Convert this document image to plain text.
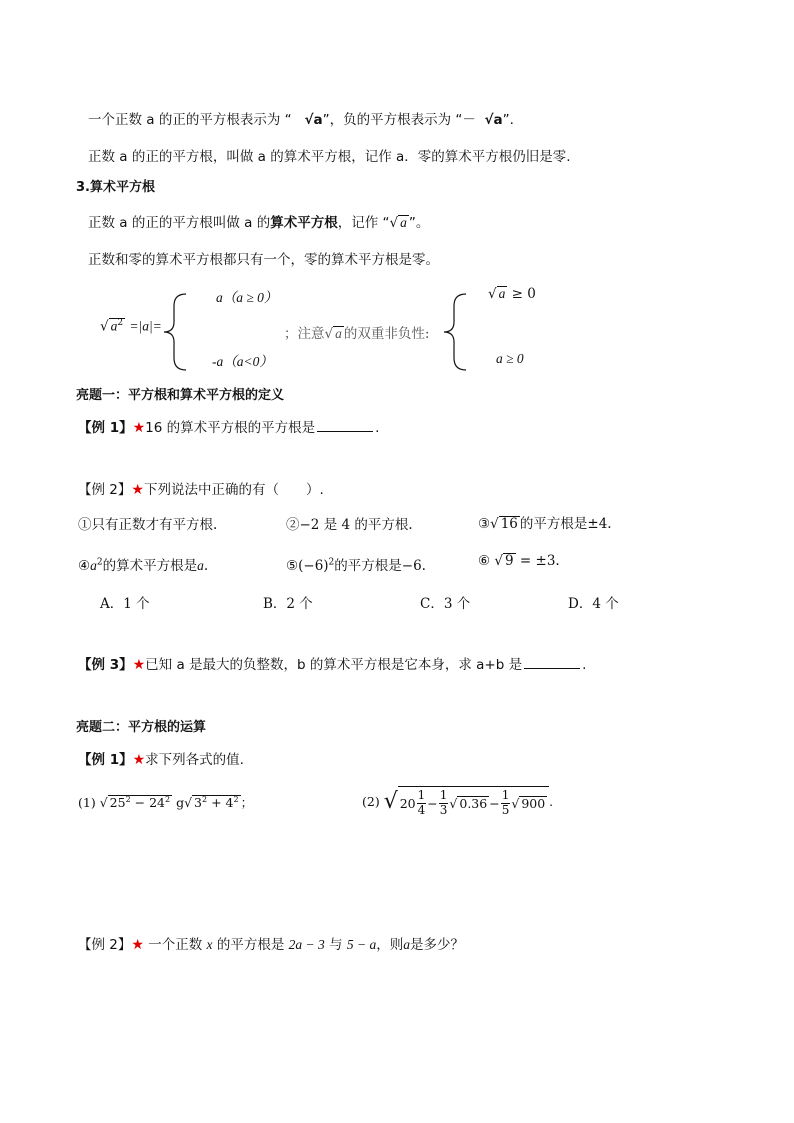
一个正数 a 的正的平方根表示为 “ √a”，负的平方根表示为 “－ √a”.
正数 a 的正的平方根，叫做 a 的算术平方根，记作 a．零的算术平方根仍旧是零.
3.算术平方根
正数 a 的正的平方根叫做 a 的算术平方根，记作 “√ a ”。
正数和零的算术平方根都只有一个，零的算术平方根是零。
√ $a^2 =|a|=$
a（a ≥ 0）
-a（a<0）
；注意√ a 的双重非负性:
√ a ≥ 0
a ≥ 0
亮题一：平方根和算术平方根的定义
【例 1】★16 的算术平方根的平方根是	.
【例 2】★下列说法中正确的有（　　）.
①只有正数才有平方根.	②−2 是 4 的平方根.	③√ 16 的平方根是±4.
$④a^2$的算术平方根是a.	$⑤(-6)^2$的平方根是−6.	⑥ √ 9 = ±3.
A．1 个	B．2 个	C．3 个	D．4 个
【例 3】★已知 a 是最大的负整数，b 的算术平方根是它本身，求 a+b 是	.
亮题二：平方根的运算
【例 1】★求下列各式的值.
(1) √ $25^2 - 24^2$ g√ $3^2 + 4^2$ ；	(2)
√ $20 \frac{1}{4} - \frac{1}{3}$ √ $0.36 - \frac{1}{5}$ √ 900 .
【例 2】★ 一个正数 x 的平方根是 2a − 3 与 5 − a，则a是多少？
